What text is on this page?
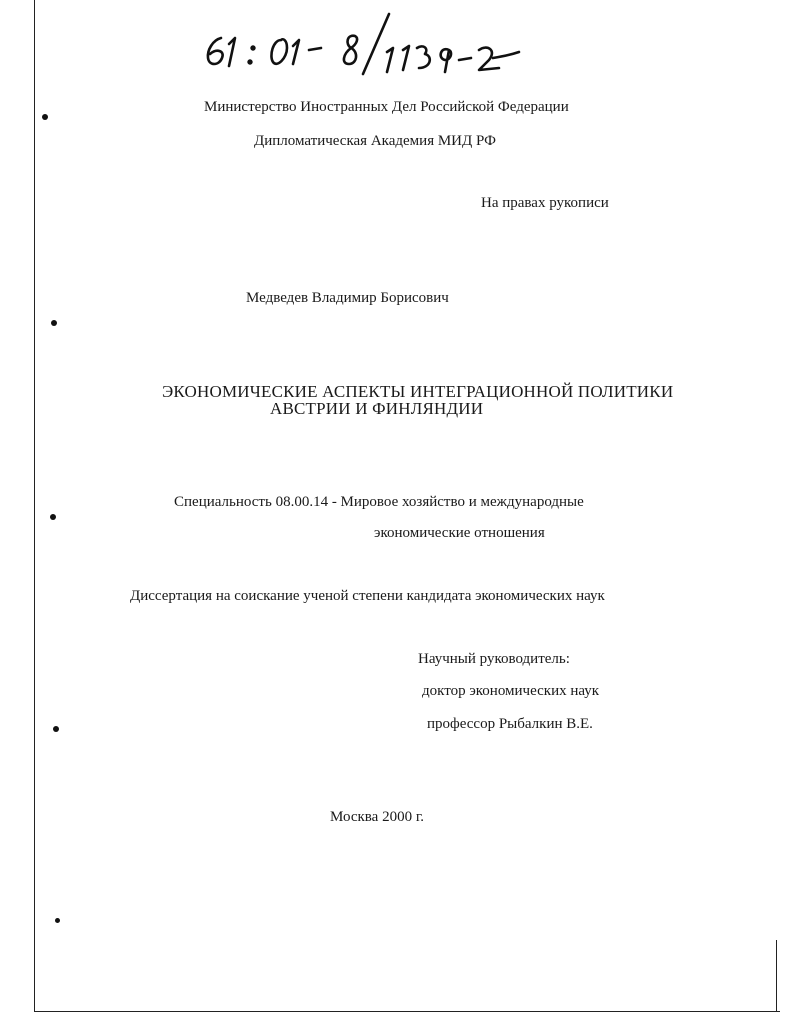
Министерство Иностранных Дел Российской Федерации
Дипломатическая Академия МИД РФ
На правах рукописи
Медведев Владимир Борисович
ЭКОНОМИЧЕСКИЕ АСПЕКТЫ ИНТЕГРАЦИОННОЙ ПОЛИТИКИ
АВСТРИИ И ФИНЛЯНДИИ
Специальность 08.00.14 - Мировое хозяйство и международные
экономические отношения
Диссертация на соискание ученой степени кандидата экономических наук
Научный руководитель:
доктор экономических наук
профессор Рыбалкин В.Е.
Москва 2000 г.
